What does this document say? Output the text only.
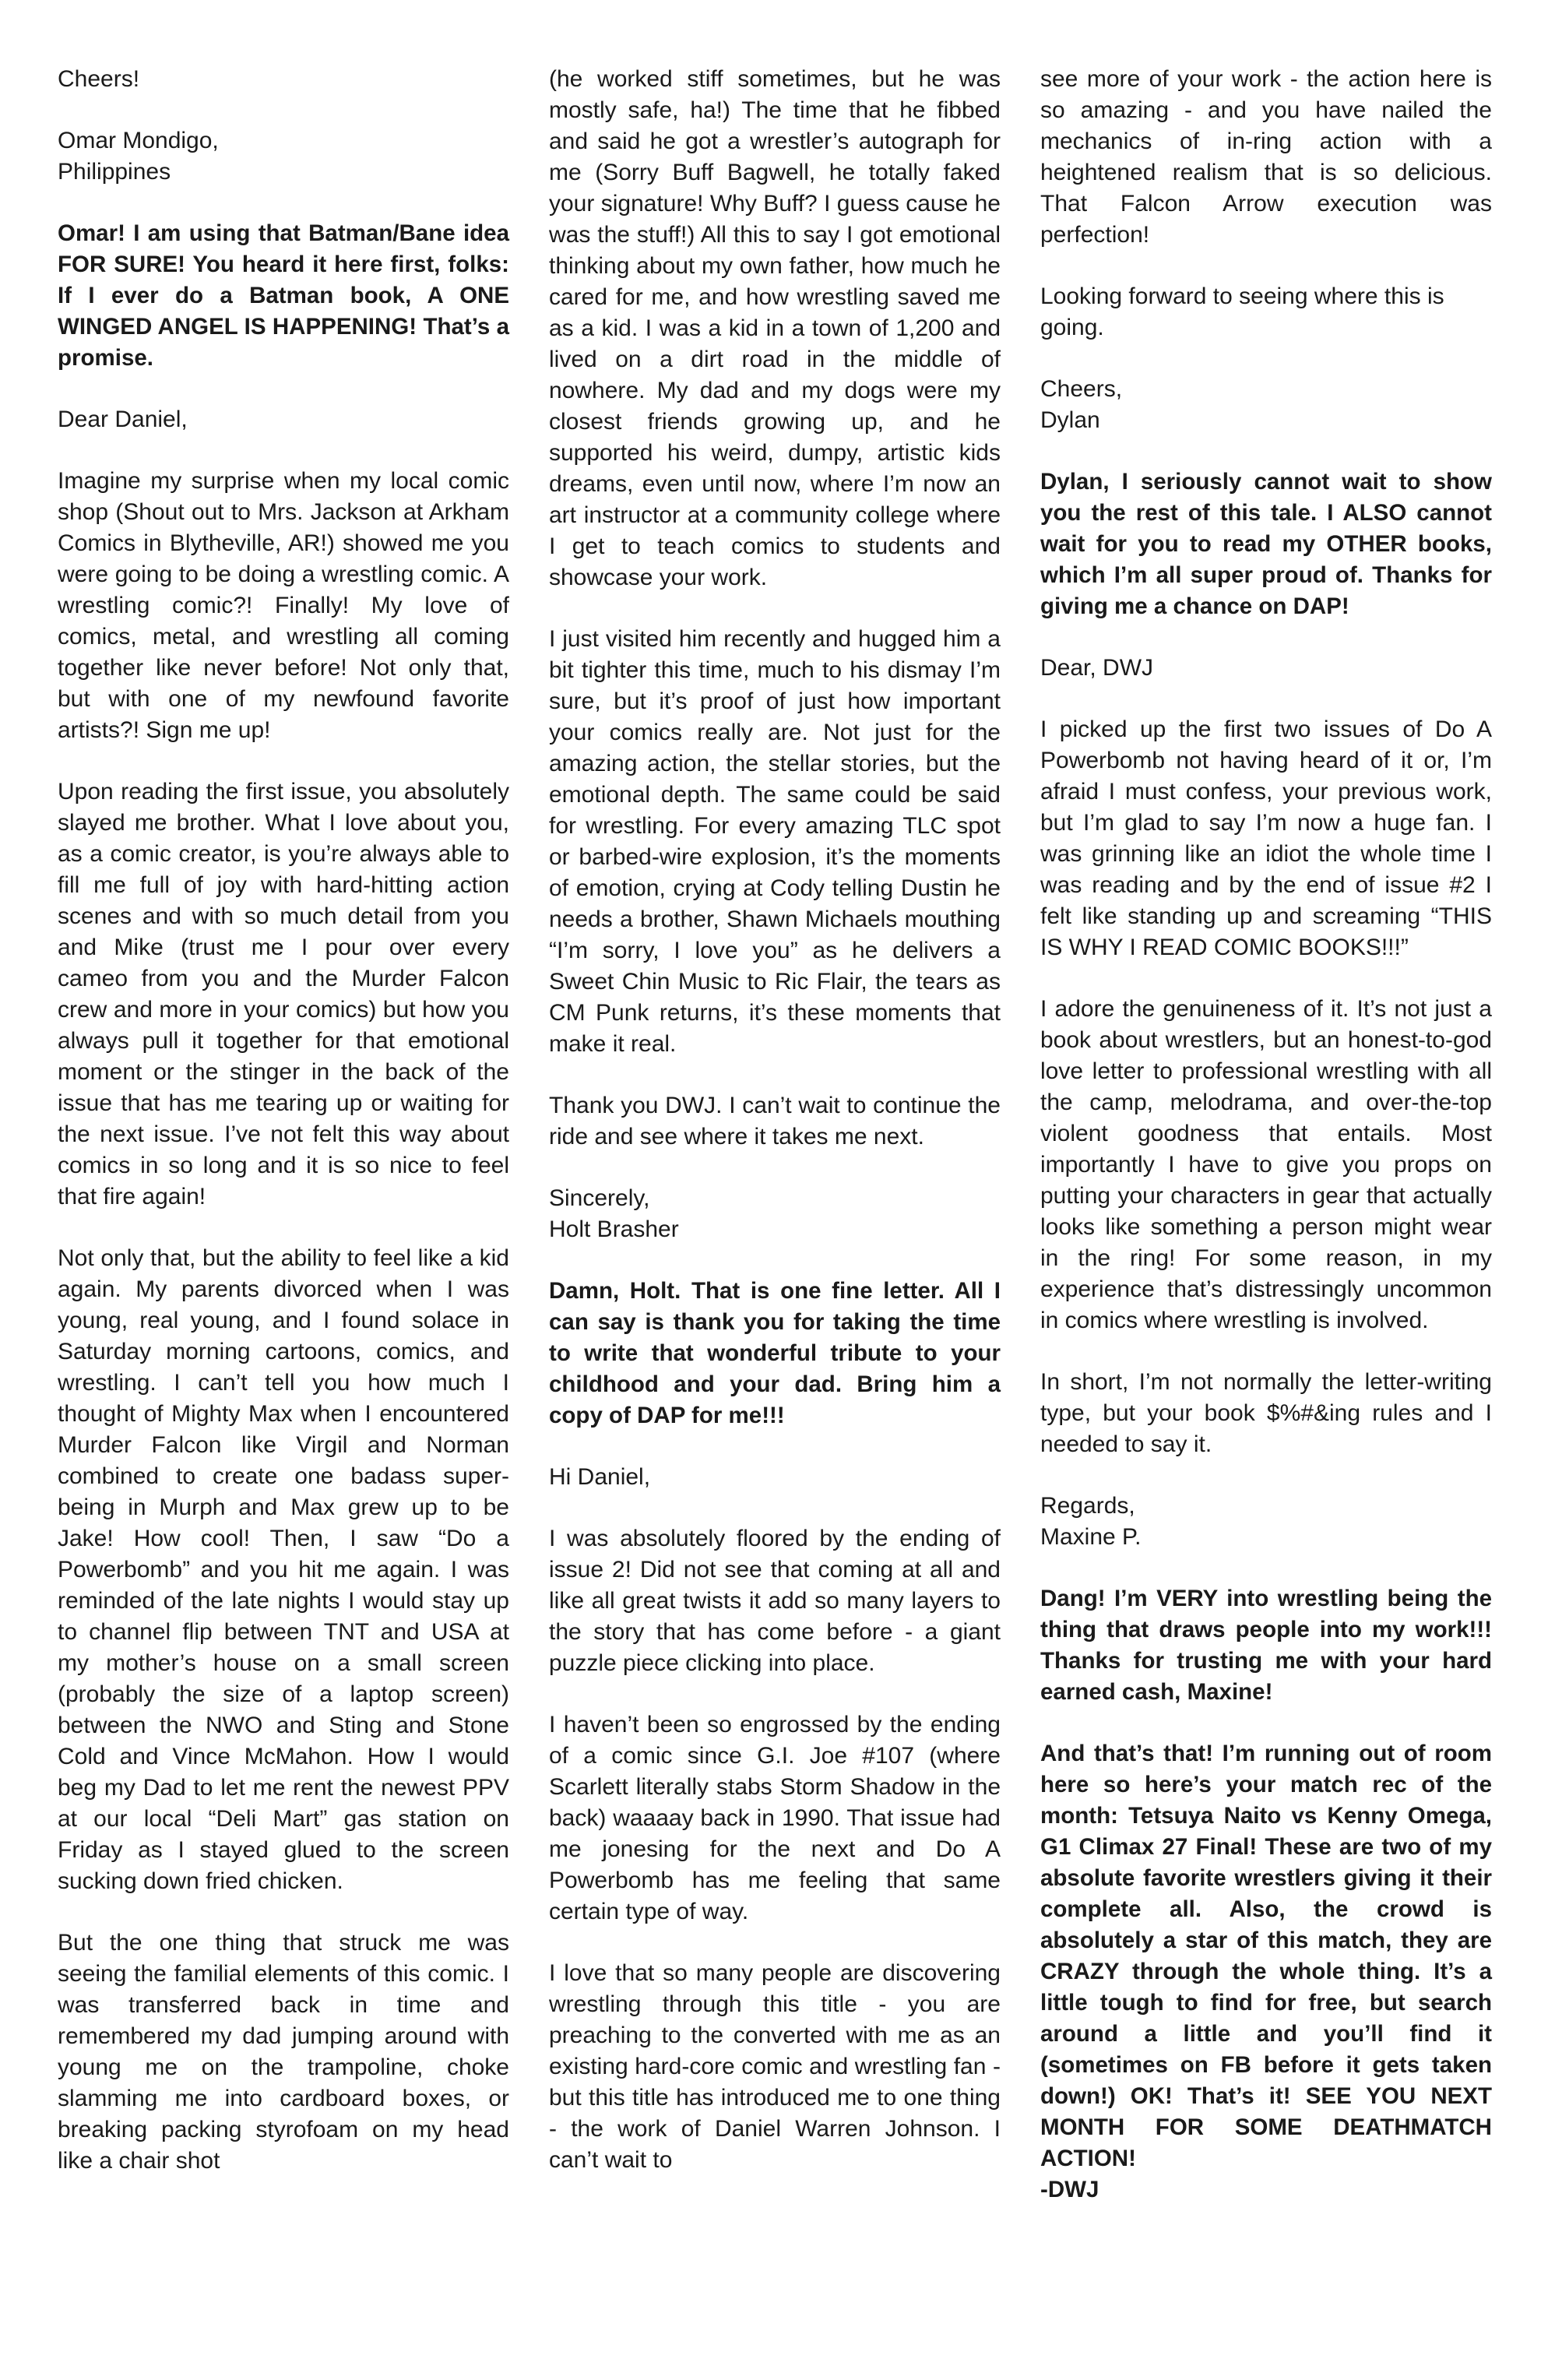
Cheers!

Omar Mondigo,
Philippines

Omar! I am using that Batman/Bane idea FOR SURE! You heard it here first, folks: If I ever do a Batman book, A ONE WINGED ANGEL IS HAPPENING! That’s a promise.

Dear Daniel,

Imagine my surprise when my local comic shop (Shout out to Mrs. Jackson at Arkham Comics in Blytheville, AR!) showed me you were going to be doing a wrestling comic. A wrestling comic?! Finally! My love of comics, metal, and wrestling all coming together like never before! Not only that, but with one of my newfound favorite artists?! Sign me up!

Upon reading the first issue, you absolutely slayed me brother. What I love about you, as a comic creator, is you’re always able to fill me full of joy with hard-hitting action scenes and with so much detail from you and Mike (trust me I pour over every cameo from you and the Murder Falcon crew and more in your comics) but how you always pull it together for that emotional moment or the stinger in the back of the issue that has me tearing up or waiting for the next issue. I’ve not felt this way about comics in so long and it is so nice to feel that fire again!

Not only that, but the ability to feel like a kid again. My parents divorced when I was young, real young, and I found solace in Saturday morning cartoons, comics, and wrestling. I can’t tell you how much I thought of Mighty Max when I encountered Murder Falcon like Virgil and Norman combined to create one badass super-being in Murph and Max grew up to be Jake! How cool! Then, I saw “Do a Powerbomb” and you hit me again. I was reminded of the late nights I would stay up to channel flip between TNT and USA at my mother’s house on a small screen (probably the size of a laptop screen) between the NWO and Sting and Stone Cold and Vince McMahon. How I would beg my Dad to let me rent the newest PPV at our local “Deli Mart” gas station on Friday as I stayed glued to the screen sucking down fried chicken.

But the one thing that struck me was seeing the familial elements of this comic. I was transferred back in time and remembered my dad jumping around with young me on the trampoline, choke slamming me into cardboard boxes, or breaking packing styrofoam on my head like a chair shot

(he worked stiff sometimes, but he was mostly safe, ha!) The time that he fibbed and said he got a wrestler’s autograph for me (Sorry Buff Bagwell, he totally faked your signature! Why Buff? I guess cause he was the stuff!) All this to say I got emotional thinking about my own father, how much he cared for me, and how wrestling saved me as a kid. I was a kid in a town of 1,200 and lived on a dirt road in the middle of nowhere. My dad and my dogs were my closest friends growing up, and he supported his weird, dumpy, artistic kids dreams, even until now, where I’m now an art instructor at a community college where I get to teach comics to students and showcase your work.

I just visited him recently and hugged him a bit tighter this time, much to his dismay I’m sure, but it’s proof of just how important your comics really are. Not just for the amazing action, the stellar stories, but the emotional depth. The same could be said for wrestling. For every amazing TLC spot or barbed-wire explosion, it’s the moments of emotion, crying at Cody telling Dustin he needs a brother, Shawn Michaels mouthing “I’m sorry, I love you” as he delivers a Sweet Chin Music to Ric Flair, the tears as CM Punk returns, it’s these moments that make it real.

Thank you DWJ. I can’t wait to continue the ride and see where it takes me next.

Sincerely,
Holt Brasher

Damn, Holt. That is one fine letter. All I can say is thank you for taking the time to write that wonderful tribute to your childhood and your dad. Bring him a copy of DAP for me!!!

Hi Daniel,

I was absolutely floored by the ending of issue 2! Did not see that coming at all and like all great twists it add so many layers to the story that has come before - a giant puzzle piece clicking into place.

I haven’t been so engrossed by the ending of a comic since G.I. Joe #107 (where Scarlett literally stabs Storm Shadow in the back) waaaay back in 1990. That issue had me jonesing for the next and Do A Powerbomb has me feeling that same certain type of way.

I love that so many people are discovering wrestling through this title - you are preaching to the converted with me as an existing hard-core comic and wrestling fan - but this title has introduced me to one thing - the work of Daniel Warren Johnson. I can’t wait to

see more of your work - the action here is so amazing - and you have nailed the mechanics of in-ring action with a heightened realism that is so delicious. That Falcon Arrow execution was perfection!

Looking forward to seeing where this is going.

Cheers,
Dylan

Dylan, I seriously cannot wait to show you the rest of this tale. I ALSO cannot wait for you to read my OTHER books, which I’m all super proud of. Thanks for giving me a chance on DAP!

Dear, DWJ

I picked up the first two issues of Do A Powerbomb not having heard of it or, I’m afraid I must confess, your previous work, but I’m glad to say I’m now a huge fan. I was grinning like an idiot the whole time I was reading and by the end of issue #2 I felt like standing up and screaming “THIS IS WHY I READ COMIC BOOKS!!!”

I adore the genuineness of it. It’s not just a book about wrestlers, but an honest-to-god love letter to professional wrestling with all the camp, melodrama, and over-the-top violent goodness that entails. Most importantly I have to give you props on putting your characters in gear that actually looks like something a person might wear in the ring! For some reason, in my experience that’s distressingly uncommon in comics where wrestling is involved.

In short, I’m not normally the letter-writing type, but your book $%#&ing rules and I needed to say it.

Regards,
Maxine P.

Dang! I’m VERY into wrestling being the thing that draws people into my work!!! Thanks for trusting me with your hard earned cash, Maxine!

And that’s that! I’m running out of room here so here’s your match rec of the month: Tetsuya Naito vs Kenny Omega, G1 Climax 27 Final! These are two of my absolute favorite wrestlers giving it their complete all. Also, the crowd is absolutely a star of this match, they are CRAZY through the whole thing. It’s a little tough to find for free, but search around a little and you’ll find it (sometimes on FB before it gets taken down!) OK! That’s it! SEE YOU NEXT MONTH FOR SOME DEATHMATCH ACTION!
-DWJ
